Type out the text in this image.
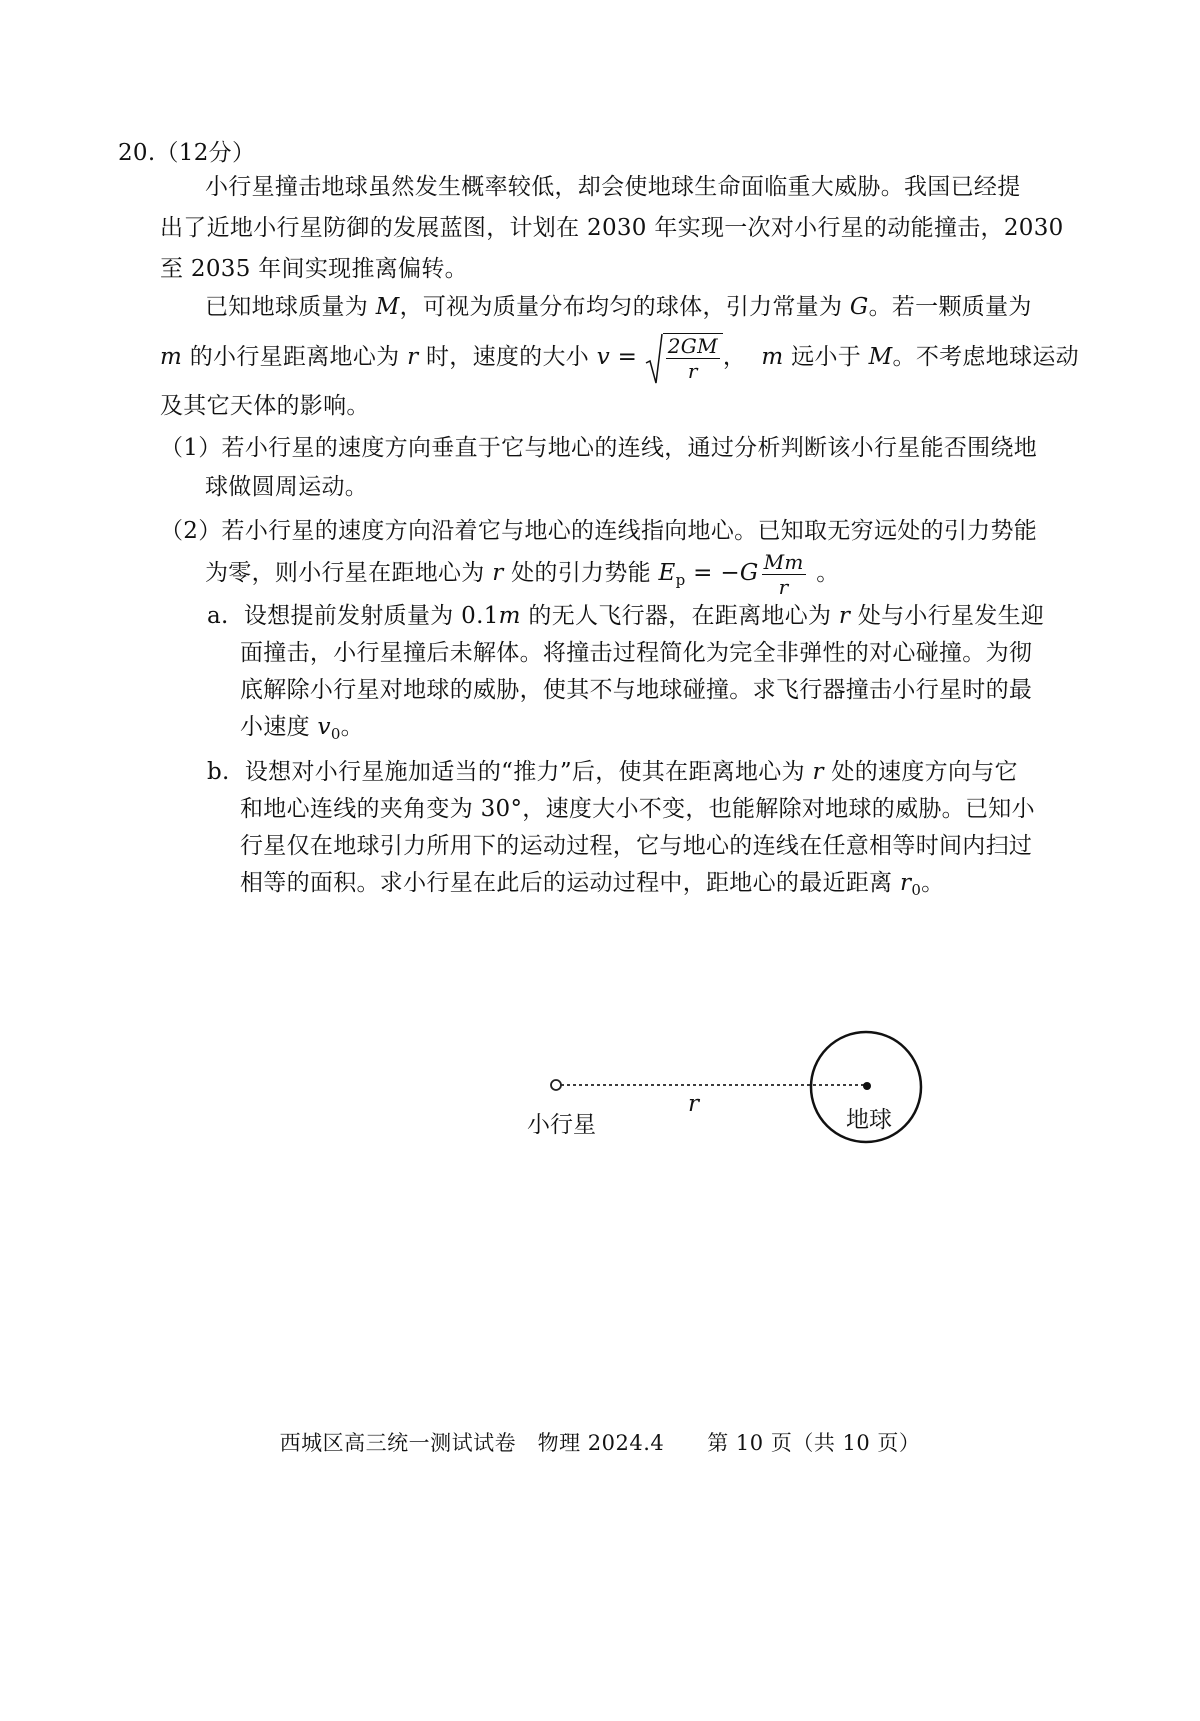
20.（12分）
小行星撞击地球虽然发生概率较低，却会使地球生命面临重大威胁。我国已经提
出了近地小行星防御的发展蓝图，计划在 2030 年实现一次对小行星的动能撞击，2030
至 2035 年间实现推离偏转。
已知地球质量为 M，可视为质量分布均匀的球体，引力常量为 G。若一颗质量为
m 的小行星距离地心为 r 时，速度的大小 $v = \frac{2GM}{r}$ ， m 远小于 M。不考虑地球运动
及其它天体的影响。
（1）若小行星的速度方向垂直于它与地心的连线，通过分析判断该小行星能否围绕地
球做圆周运动。
（2）若小行星的速度方向沿着它与地心的连线指向地心。已知取无穷远处的引力势能
为零，则小行星在距地心为 r 处的引力势能 $E_p = -G \frac{Mm}{r}$ 。
a. 设想提前发射质量为 0.1m 的无人飞行器，在距离地心为 r 处与小行星发生迎
面撞击，小行星撞后未解体。将撞击过程简化为完全非弹性的对心碰撞。为彻
底解除小行星对地球的威胁，使其不与地球碰撞。求飞行器撞击小行星时的最
小速度 $v_0$。
b. 设想对小行星施加适当的“推力”后，使其在距离地心为 r 处的速度方向与它
和地心连线的夹角变为 30°，速度大小不变，也能解除对地球的威胁。已知小
行星仅在地球引力所用下的运动过程，它与地心的连线在任意相等时间内扫过
相等的面积。求小行星在此后的运动过程中，距地心的最近距离 $r_0$。
小行星
r
地球
西城区高三统一测试试卷　物理 2024.4　　第 10 页（共 10 页）
